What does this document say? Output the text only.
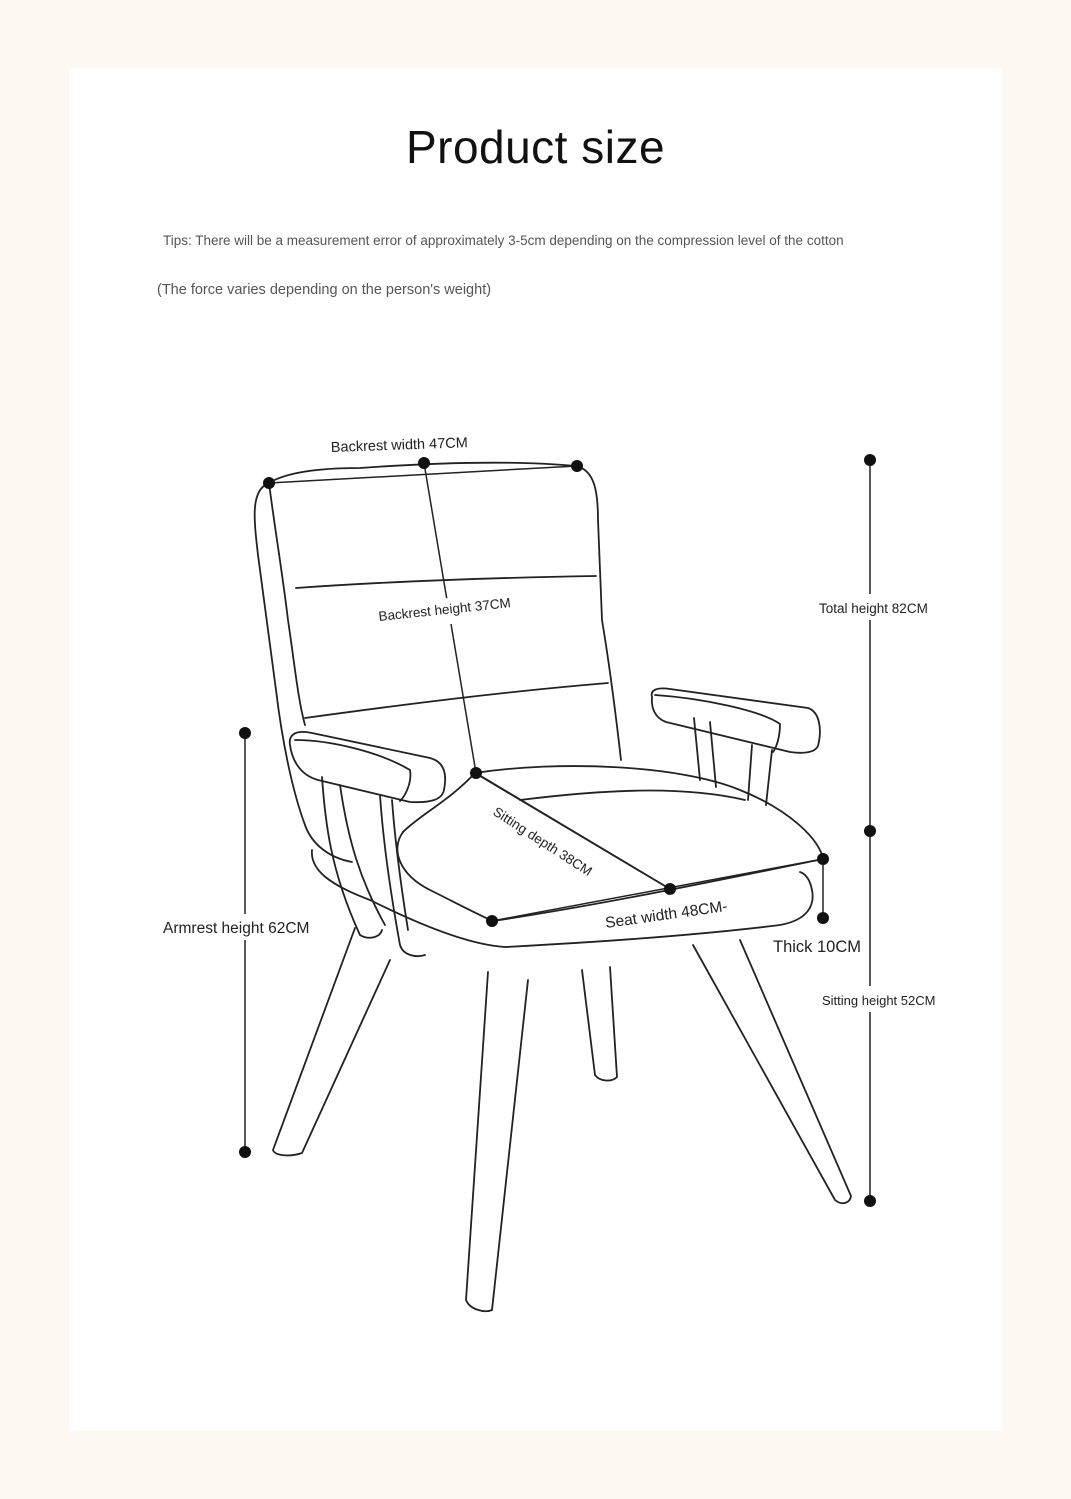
Product size
Tips: There will be a measurement error of approximately 3-5cm depending on the compression level of the cotton
(The force varies depending on the person's weight)
Backrest width 47CM
Backrest height 37CM	Total height 82CM
Armrest height 62CM
Sitting depth 38CM
Seat width 48CM-
Thick 10CM
Sitting height 52CM
